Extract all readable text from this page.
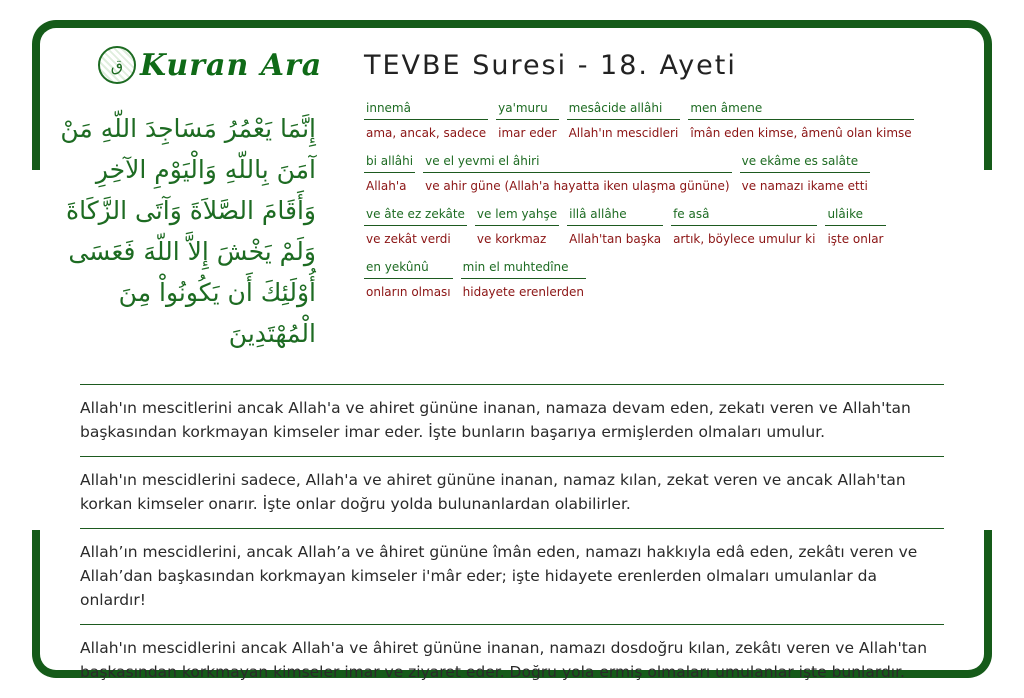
ق Kuran Ara
إِنَّمَا يَعْمُرُ مَسَاجِدَ اللّهِ مَنْ آمَنَ بِاللّهِ وَالْيَوْمِ الآخِرِ وَأَقَامَ الصَّلاَةَ وَآتَى الزَّكَاةَ وَلَمْ يَخْشَ إِلاَّ اللّهَ فَعَسَى أُوْلَئِكَ أَن يَكُونُواْ مِنَ الْمُهْتَدِينَ
TEVBE Suresi - 18. Ayeti
innemâ
ama, ancak, sadece
ya'muru
imar eder
mesâcide allâhi
Allah'ın mescidleri
men âmene
îmân eden kimse, âmenû olan kimse
bi allâhi
Allah'a
ve el yevmi el âhiri
ve ahir güne (Allah'a hayatta iken ulaşma gününe)
ve ekâme es salâte
ve namazı ikame etti
ve âte ez zekâte
ve zekât verdi
ve lem yahşe
ve korkmaz
illâ allâhe
Allah'tan başka
fe asâ
artık, böylece umulur ki
ulâike
işte onlar
en yekûnû
onların olması
min el muhtedîne
hidayete erenlerden
Allah'ın mescitlerini ancak Allah'a ve ahiret gününe inanan, namaza devam eden, zekatı veren ve Allah'tan başkasından korkmayan kimseler imar eder. İşte bunların başarıya ermişlerden olmaları umulur.
Allah'ın mescidlerini sadece, Allah'a ve ahiret gününe inanan, namaz kılan, zekat veren ve ancak Allah'tan korkan kimseler onarır. İşte onlar doğru yolda bulunanlardan olabilirler.
Allah’ın mescidlerini, ancak Allah’a ve âhiret gününe îmân eden, namazı hakkıyla edâ eden, zekâtı veren ve Allah’dan başkasından korkmayan kimseler i'mâr eder; işte hidayete erenlerden olmaları umulanlar da onlardır!
Allah'ın mescidlerini ancak Allah'a ve âhiret gününe inanan, namazı dosdoğru kılan, zekâtı veren ve Allah'tan başkasından korkmayan kimseler imar ve ziyaret eder. Doğru yola ermiş olmaları umulanlar işte bunlardır.
